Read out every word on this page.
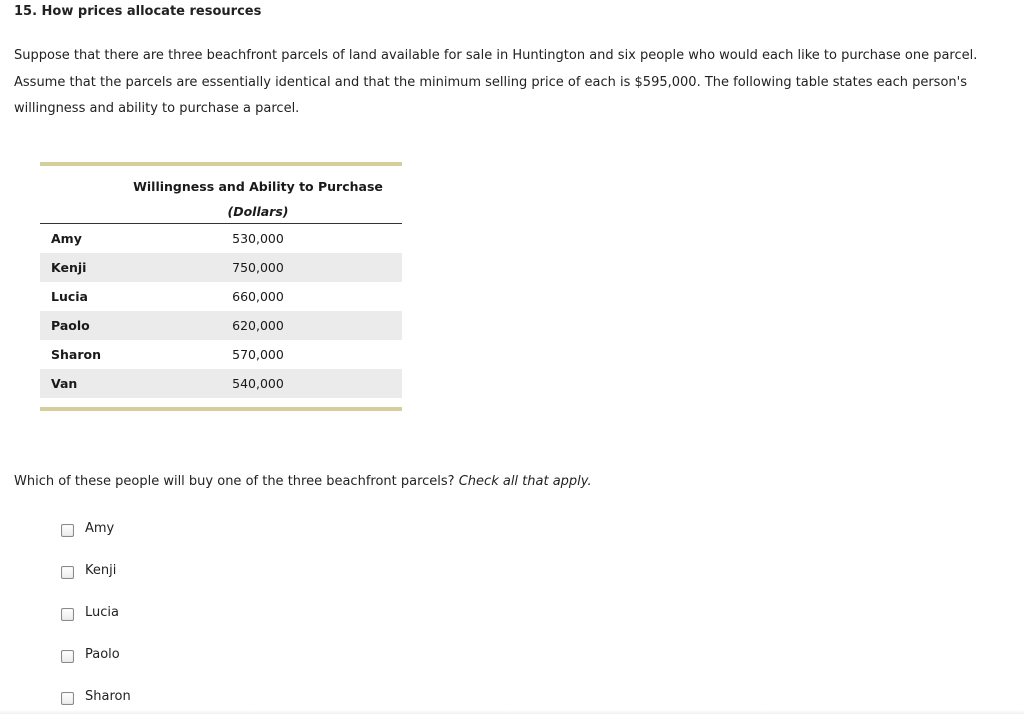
15. How prices allocate resources
Suppose that there are three beachfront parcels of land available for sale in Huntington and six people who would each like to purchase one parcel. Assume that the parcels are essentially identical and that the minimum selling price of each is $595,000. The following table states each person's willingness and ability to purchase a parcel.
Willingness and Ability to Purchase
(Dollars)
Amy	530,000
Kenji	750,000
Lucia	660,000
Paolo	620,000
Sharon	570,000
Van	540,000
Which of these people will buy one of the three beachfront parcels? Check all that apply.
Amy
Kenji
Lucia
Paolo
Sharon
